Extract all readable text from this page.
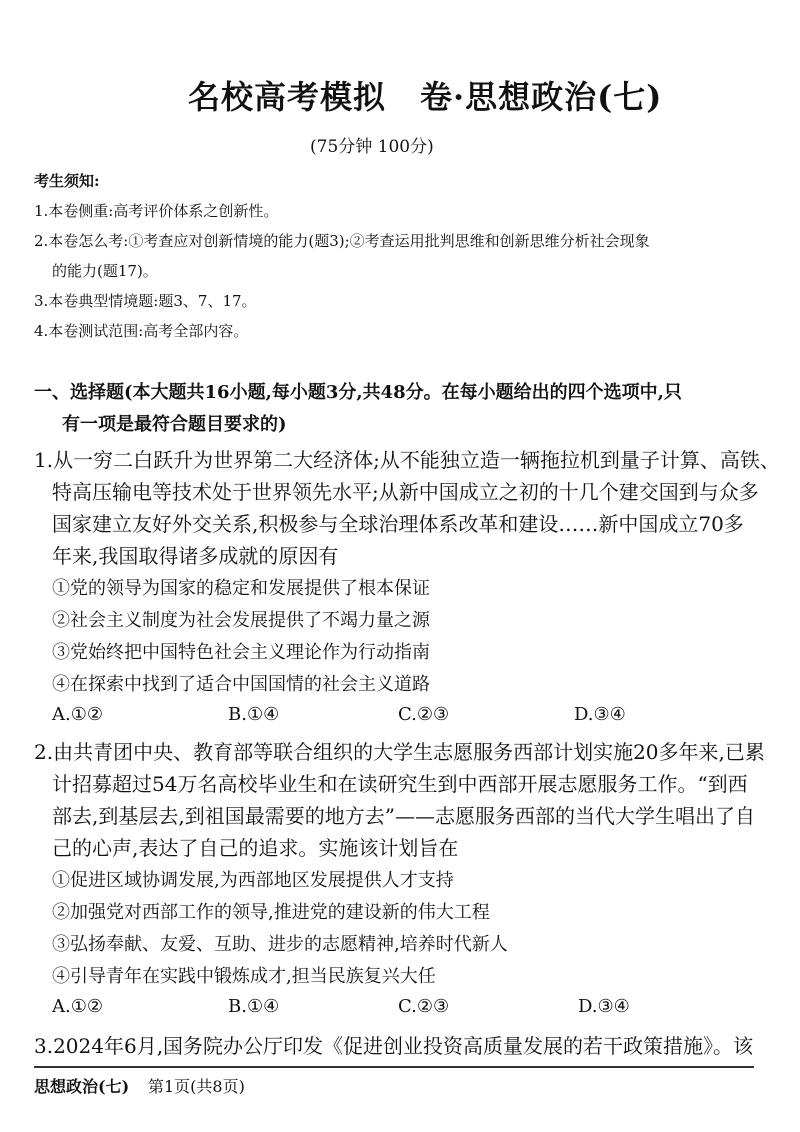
名校高考模拟 卷·思想政治(七)
(75分钟 100分)
考生须知:
1.本卷侧重:高考评价体系之创新性。
2.本卷怎么考:①考查应对创新情境的能力(题3);②考查运用批判思维和创新思维分析社会现象
的能力(题17)。
3.本卷典型情境题:题3、7、17。
4.本卷测试范围:高考全部内容。
一、选择题(本大题共16小题,每小题3分,共48分。在每小题给出的四个选项中,只
有一项是最符合题目要求的)
1.从一穷二白跃升为世界第二大经济体;从不能独立造一辆拖拉机到量子计算、高铁、
特高压输电等技术处于世界领先水平;从新中国成立之初的十几个建交国到与众多
国家建立友好外交关系,积极参与全球治理体系改革和建设……新中国成立70多
年来,我国取得诸多成就的原因有
①党的领导为国家的稳定和发展提供了根本保证
②社会主义制度为社会发展提供了不竭力量之源
③党始终把中国特色社会主义理论作为行动指南
④在探索中找到了适合中国国情的社会主义道路
A.①②	B.①④	C.②③	D.③④
2.由共青团中央、教育部等联合组织的大学生志愿服务西部计划实施20多年来,已累
计招募超过54万名高校毕业生和在读研究生到中西部开展志愿服务工作。“到西
部去,到基层去,到祖国最需要的地方去”——志愿服务西部的当代大学生唱出了自
己的心声,表达了自己的追求。实施该计划旨在
①促进区域协调发展,为西部地区发展提供人才支持
②加强党对西部工作的领导,推进党的建设新的伟大工程
③弘扬奉献、友爱、互助、进步的志愿精神,培养时代新人
④引导青年在实践中锻炼成才,担当民族复兴大任
A.①②	B.①④	C.②③	D.③④
3.2024年6月,国务院办公厅印发《促进创业投资高质量发展的若干政策措施》。该
思想政治(七) 第1页(共8页)
